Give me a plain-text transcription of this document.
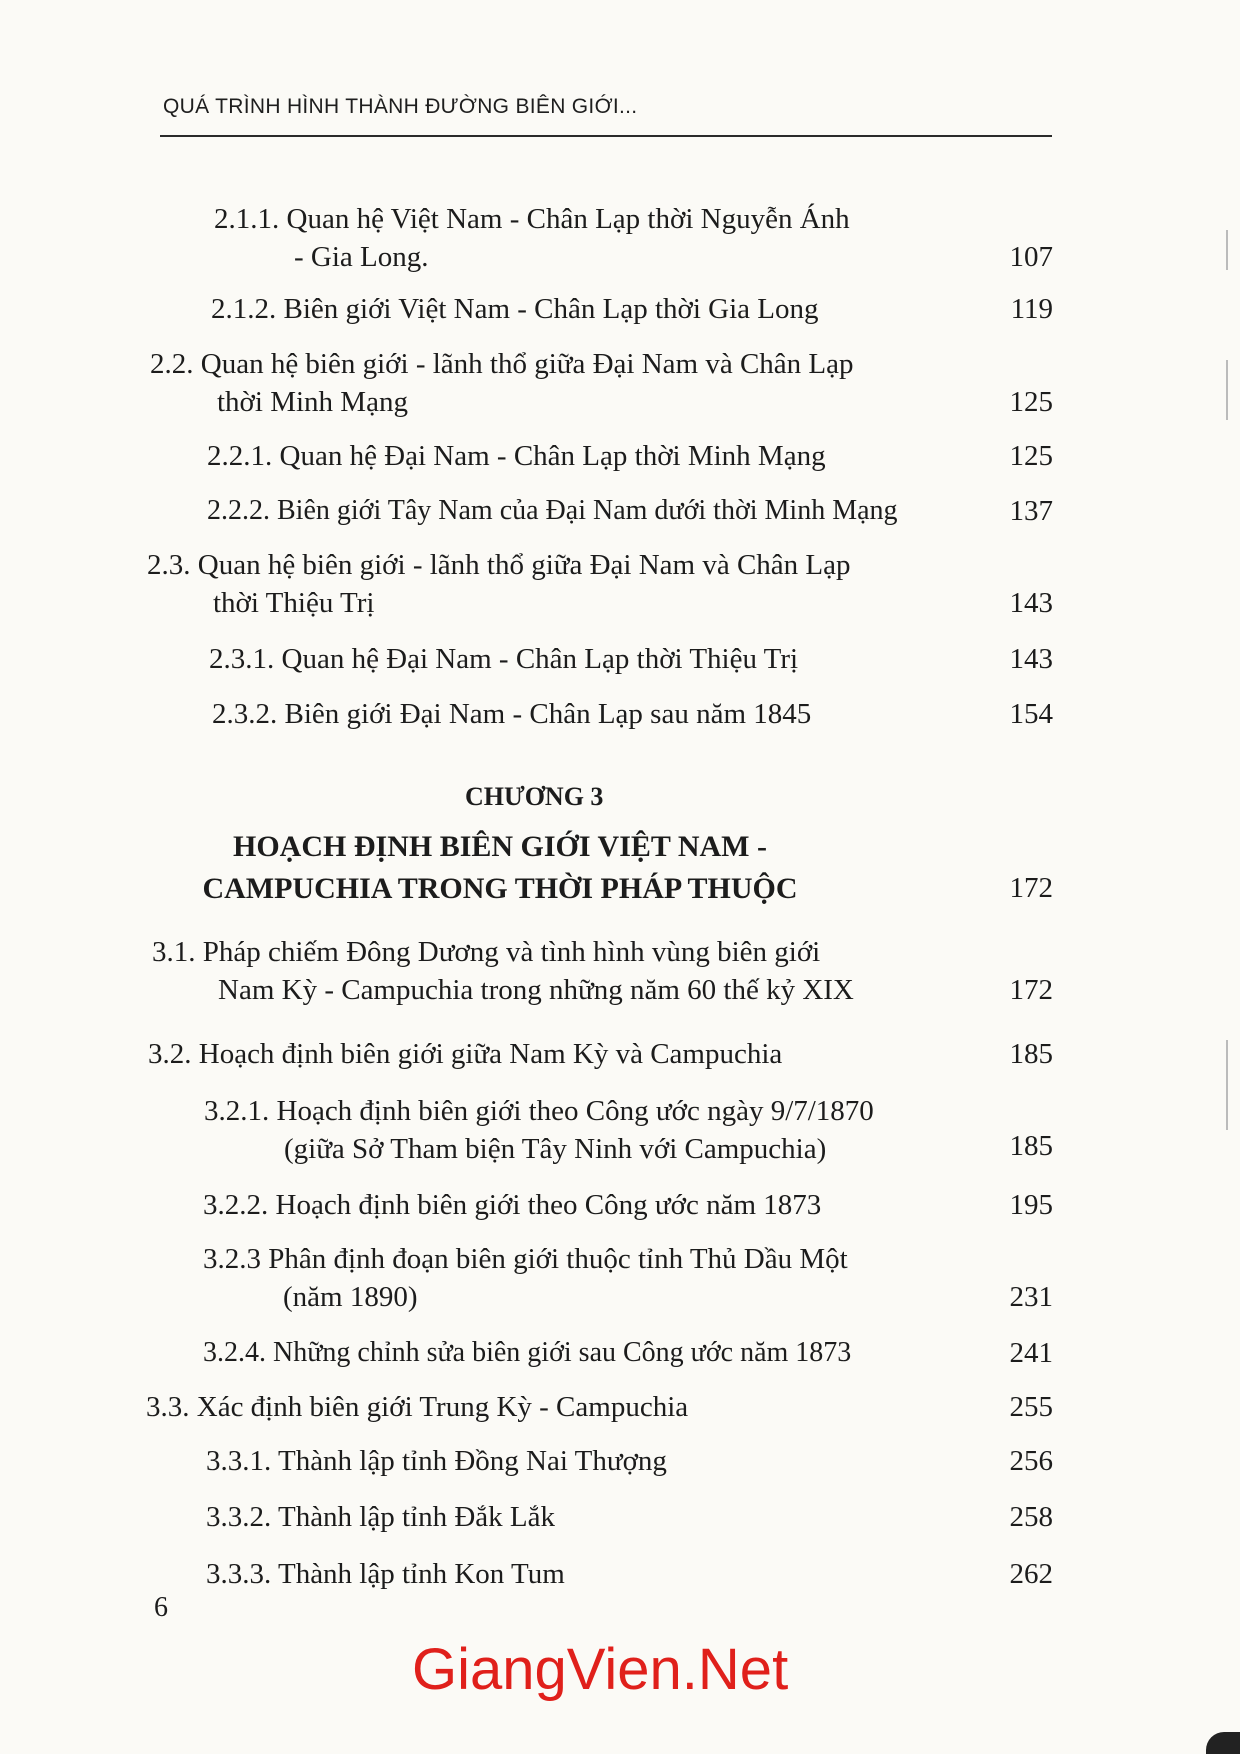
QUÁ TRÌNH HÌNH THÀNH ĐƯỜNG BIÊN GIỚI...
2.1.1. Quan hệ Việt Nam - Chân Lạp thời Nguyễn Ánh
- Gia Long.	107
2.1.2. Biên giới Việt Nam - Chân Lạp thời Gia Long	119
2.2. Quan hệ biên giới - lãnh thổ giữa Đại Nam và Chân Lạp
thời Minh Mạng	125
2.2.1. Quan hệ Đại Nam - Chân Lạp thời Minh Mạng	125
2.2.2. Biên giới Tây Nam của Đại Nam dưới thời Minh Mạng	137
2.3. Quan hệ biên giới - lãnh thổ giữa Đại Nam và Chân Lạp
thời Thiệu Trị	143
2.3.1. Quan hệ Đại Nam - Chân Lạp thời Thiệu Trị	143
2.3.2. Biên giới Đại Nam - Chân Lạp sau năm 1845	154
CHƯƠNG 3
HOẠCH ĐỊNH BIÊN GIỚI VIỆT NAM -
CAMPUCHIA TRONG THỜI PHÁP THUỘC	172
3.1. Pháp chiếm Đông Dương và tình hình vùng biên giới
Nam Kỳ - Campuchia trong những năm 60 thế kỷ XIX	172
3.2. Hoạch định biên giới giữa Nam Kỳ và Campuchia	185
3.2.1. Hoạch định biên giới theo Công ước ngày 9/7/1870
(giữa Sở Tham biện Tây Ninh với Campuchia)	185
3.2.2. Hoạch định biên giới theo Công ước năm 1873	195
3.2.3 Phân định đoạn biên giới thuộc tỉnh Thủ Dầu Một
(năm 1890)	231
3.2.4. Những chỉnh sửa biên giới sau Công ước năm 1873	241
3.3. Xác định biên giới Trung Kỳ - Campuchia	255
3.3.1. Thành lập tỉnh Đồng Nai Thượng	256
3.3.2. Thành lập tỉnh Đắk Lắk	258
3.3.3. Thành lập tỉnh Kon Tum	262
6
GiangVien.Net
